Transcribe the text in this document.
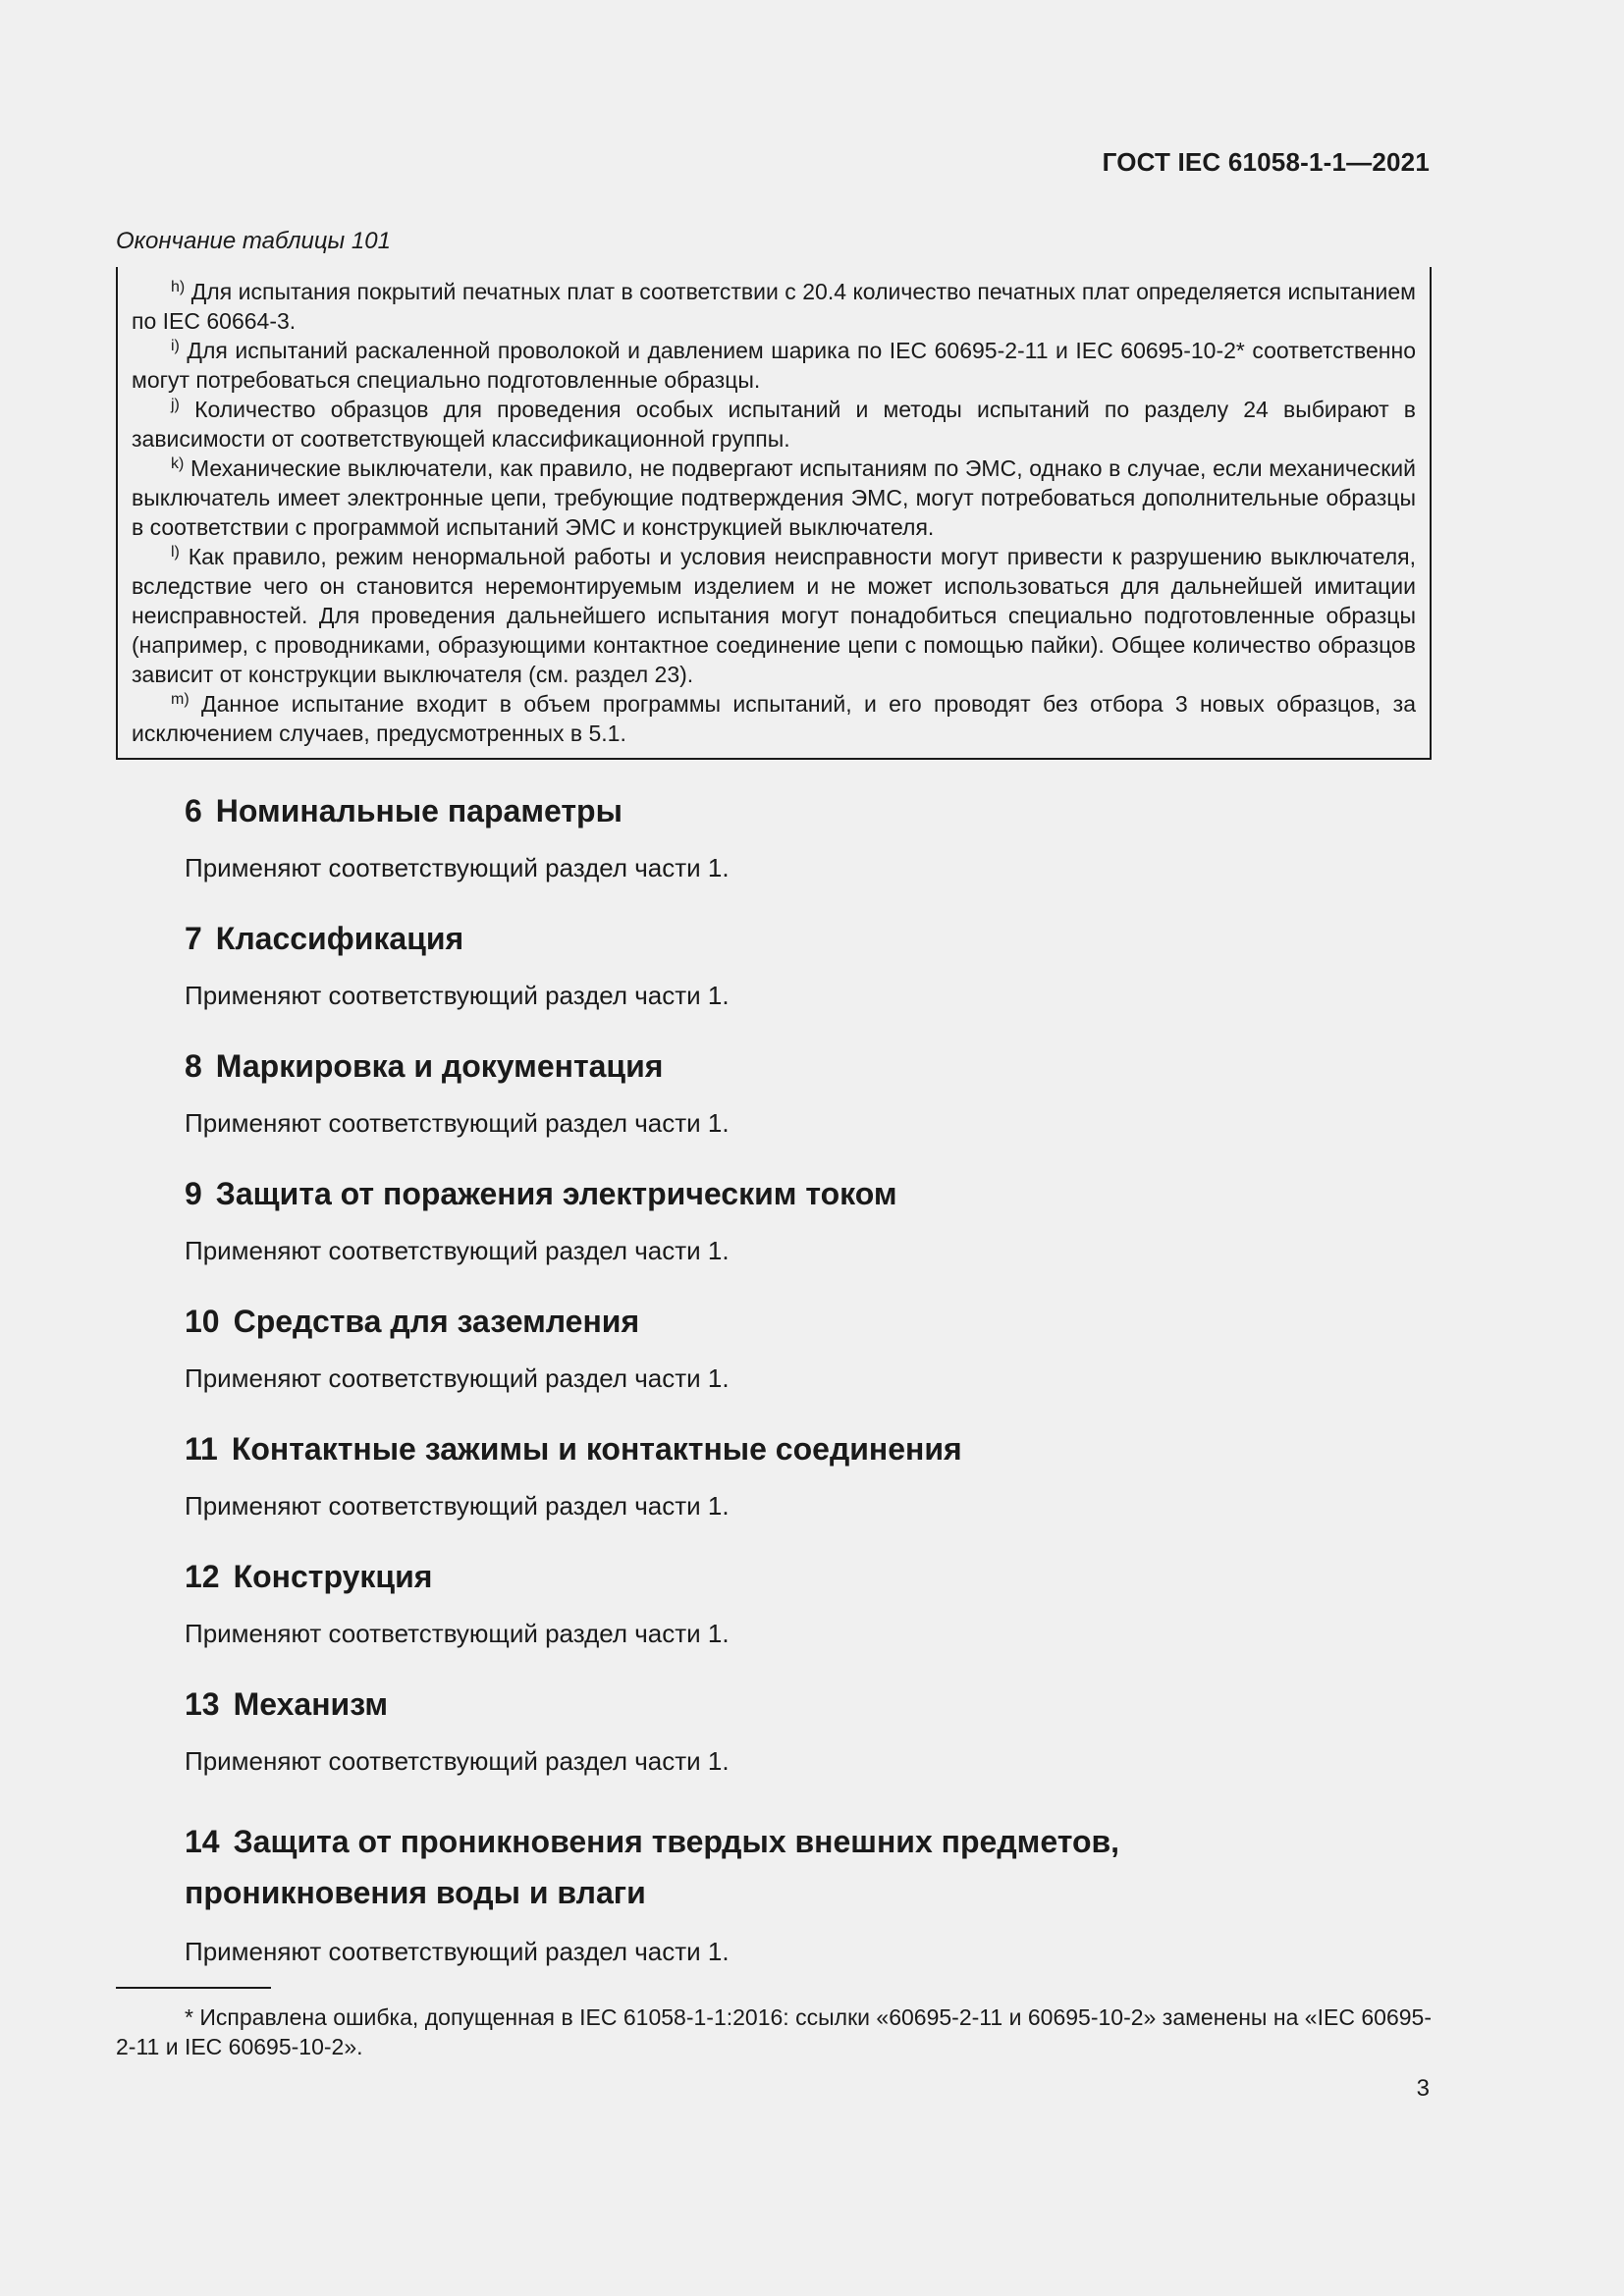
ГОСТ IEC 61058-1-1—2021
Окончание таблицы 101

$^{h)}$ Для испытания покрытий печатных плат в соответствии с 20.4 количество печатных плат определяется испытанием по IEC 60664-3.

$^{i)}$ Для испытаний раскаленной проволокой и давлением шарика по IEC 60695-2-11 и IEC 60695-10-2* соответственно могут потребоваться специально подготовленные образцы.

$^{j)}$ Количество образцов для проведения особых испытаний и методы испытаний по разделу 24 выбирают в зависимости от соответствующей классификационной группы.

$^{k)}$ Механические выключатели, как правило, не подвергают испытаниям по ЭМС, однако в случае, если механический выключатель имеет электронные цепи, требующие подтверждения ЭМС, могут потребоваться дополнительные образцы в соответствии с программой испытаний ЭМС и конструкцией выключателя.

$^{l)}$ Как правило, режим ненормальной работы и условия неисправности могут привести к разрушению выключателя, вследствие чего он становится неремонтируемым изделием и не может использоваться для дальнейшей имитации неисправностей. Для проведения дальнейшего испытания могут понадобиться специально подготовленные образцы (например, с проводниками, образующими контактное соединение цепи с помощью пайки). Общее количество образцов зависит от конструкции выключателя (см. раздел 23).

$^{m)}$ Данное испытание входит в объем программы испытаний, и его проводят без отбора 3 новых образцов, за исключением случаев, предусмотренных в 5.1.

6 Номинальные параметры

Применяют соответствующий раздел части 1.

7 Классификация

Применяют соответствующий раздел части 1.

8 Маркировка и документация

Применяют соответствующий раздел части 1.

9 Защита от поражения электрическим током

Применяют соответствующий раздел части 1.

10 Средства для заземления

Применяют соответствующий раздел части 1.

11 Контактные зажимы и контактные соединения

Применяют соответствующий раздел части 1.

12 Конструкция

Применяют соответствующий раздел части 1.

13 Механизм

Применяют соответствующий раздел части 1.

14 Защита от проникновения твердых внешних предметов, проникновения воды и влаги

Применяют соответствующий раздел части 1.

* Исправлена ошибка, допущенная в IEC 61058-1-1:2016: ссылки «60695-2-11 и 60695-10-2» заменены на «IEC 60695-2-11 и IEC 60695-10-2».

3
